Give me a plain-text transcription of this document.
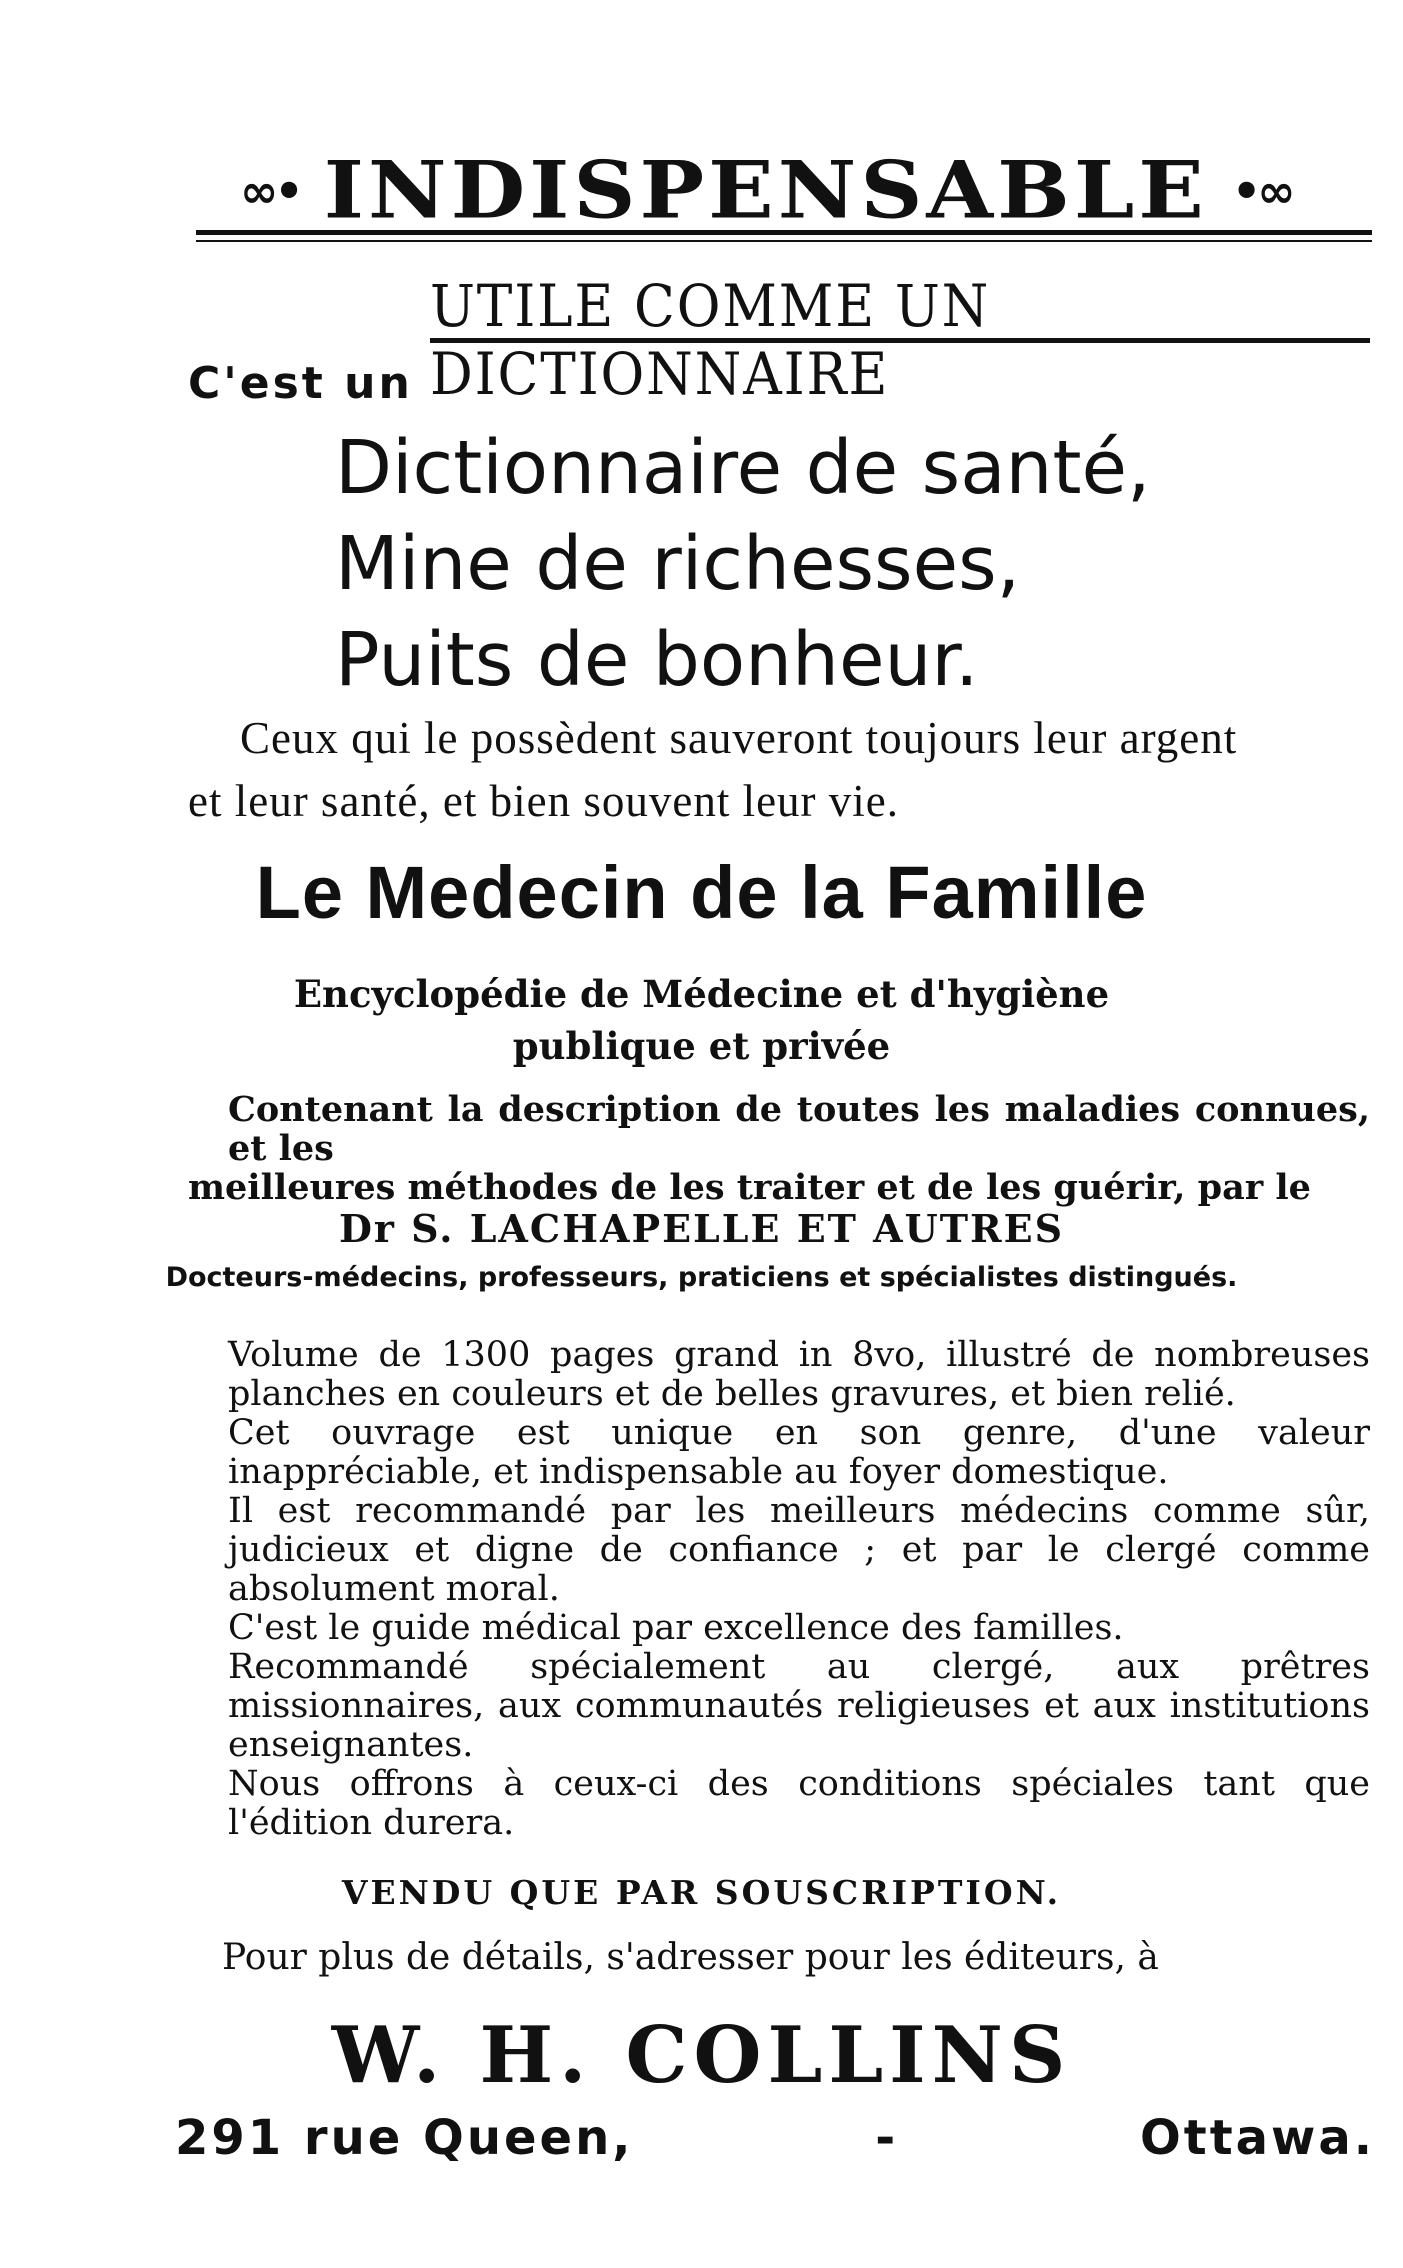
∞• INDISPENSABLE •∞
UTILE COMME UN DICTIONNAIRE
C'est un
Dictionnaire de santé,
Mine de richesses,
Puits de bonheur.
Ceux qui le possèdent sauveront toujours leur argent
et leur santé, et bien souvent leur vie.
Le Medecin de la Famille
Encyclopédie de Médecine et d'hygiène
publique et privée
Contenant la description de toutes les maladies connues, et les
meilleures méthodes de les traiter et de les guérir, par le
Dr S. LACHAPELLE ET AUTRES
Docteurs-médecins, professeurs, praticiens et spécialistes distingués.
Volume de 1300 pages grand in 8vo, illustré de nombreuses planches en couleurs et de belles gravures, et bien relié.
Cet ouvrage est unique en son genre, d'une valeur inappréciable, et indispensable au foyer domestique.
Il est recommandé par les meilleurs médecins comme sûr, judicieux et digne de confiance ; et par le clergé comme absolument moral.
C'est le guide médical par excellence des familles.
Recommandé spécialement au clergé, aux prêtres missionnaires, aux communautés religieuses et aux institutions enseignantes.
Nous offrons à ceux-ci des conditions spéciales tant que l'édition durera.
VENDU QUE PAR SOUSCRIPTION.
Pour plus de détails, s'adresser pour les éditeurs, à
W. H. COLLINS
291 rue Queen,	-	Ottawa.
